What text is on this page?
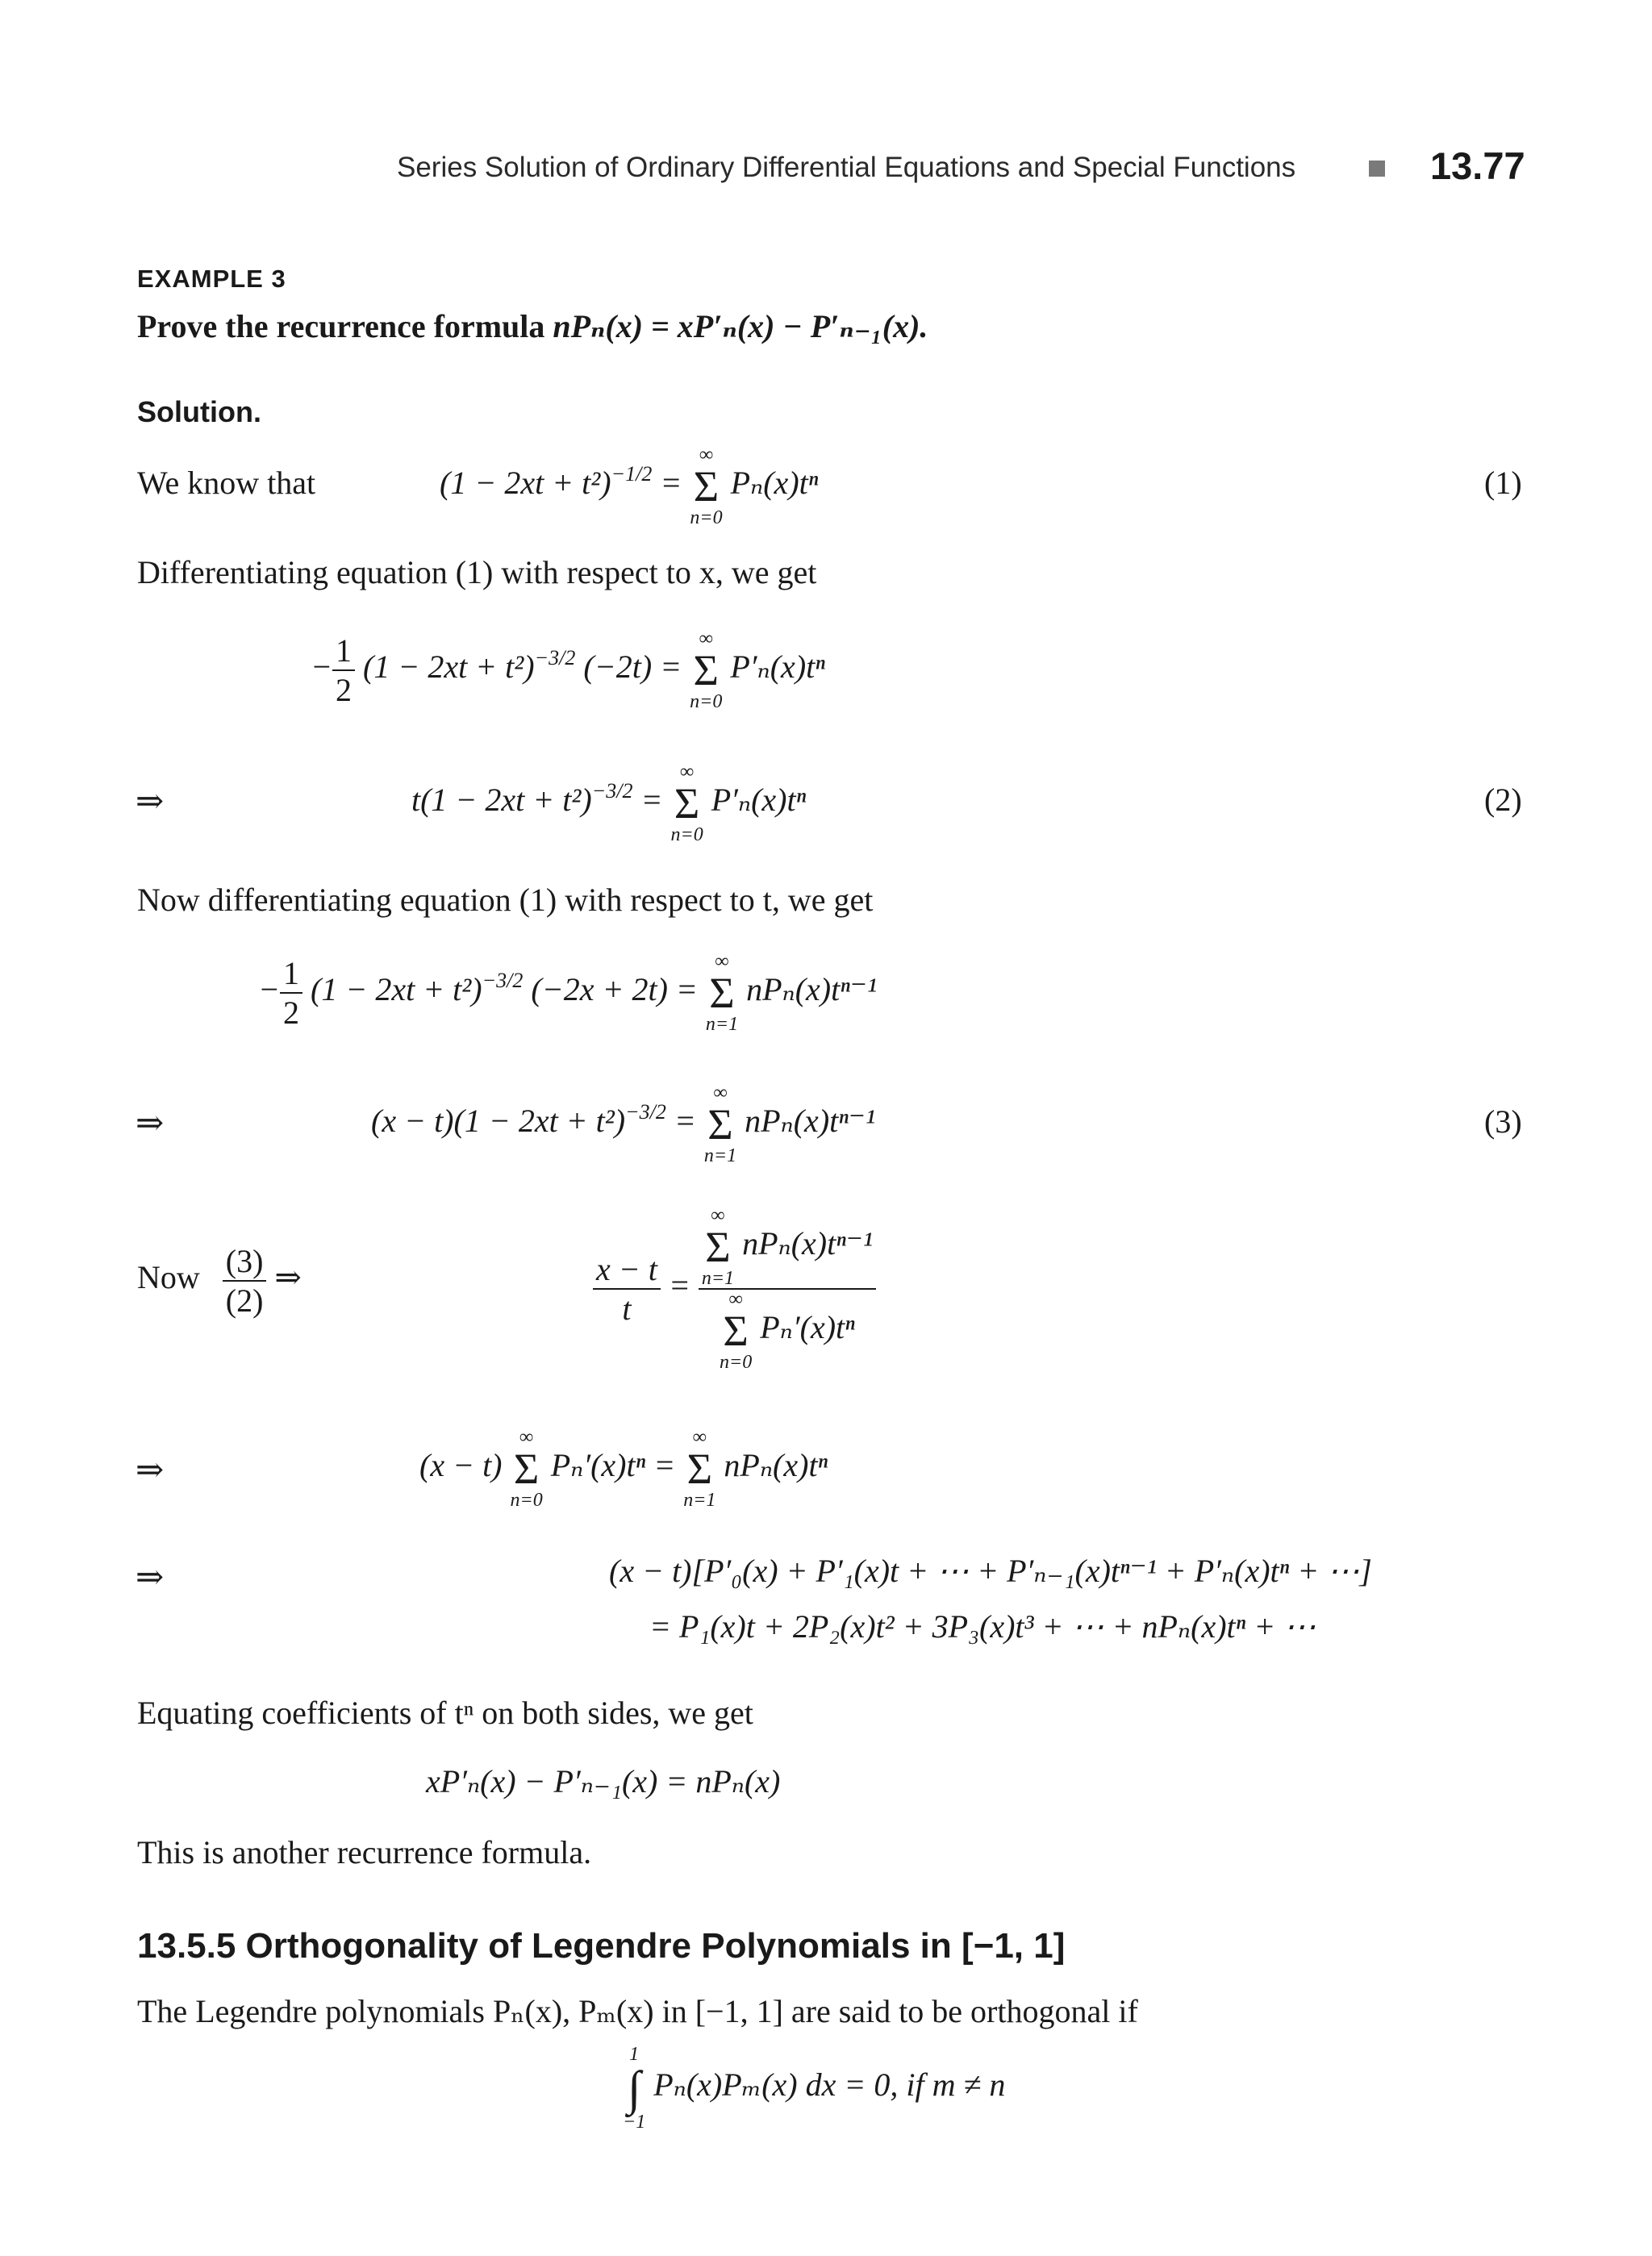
Series Solution of Ordinary Differential Equations and Special Functions	13.77
EXAMPLE 3
Prove the recurrence formula nPₙ(x) = xP′ₙ(x) − P′ₙ₋₁(x).
Solution.
We know that	$(1 - 2xt + t^2)^{-1/2}$ =
∞
Σ
n=0
Pₙ(x)tⁿ	(1)
Differentiating equation (1) with respect to x, we get
− $\frac{1}{2} (1 - 2xt + t^2)^{-3/2}$ (−2t) =
∞
Σ
n=0
P′ₙ(x)tⁿ
⇒	$t(1 - 2xt + t^2)^{-3/2}$ =
∞
Σ
n=0
P′ₙ(x)tⁿ	(2)
Now differentiating equation (1) with respect to t, we get
− $\frac{1}{2} (1 - 2xt + t^2)^{-3/2}$ (−2x + 2t) =
∞
Σ
n=1
nPₙ(x)tⁿ⁻¹
⇒	$(x - t)(1 - 2xt + t^2)^{-3/2}$ =
∞
Σ
n=1
nPₙ(x)tⁿ⁻¹	(3)
Now $\frac{(3)}{(2)}$ ⇒	$\frac{x - t}{t}$ = ∞
Σ
n=1
nPₙ(x)tⁿ⁻¹
∞
Σ
n=0
Pₙ′(x)tⁿ
⇒	(x − t)
∞
Σ
n=0
Pₙ′(x)tⁿ =
∞
Σ
n=1
nPₙ(x)tⁿ
⇒	(x − t)[P′₀(x) + P′₁(x)t + ⋯ + P′ₙ₋₁(x)tⁿ⁻¹ + P′ₙ(x)tⁿ + ⋯]
= P₁(x)t + 2P₂(x)t² + 3P₃(x)t³ + ⋯ + nPₙ(x)tⁿ + ⋯
Equating coefficients of tⁿ on both sides, we get
xP′ₙ(x) − P′ₙ₋₁(x) = nPₙ(x)
This is another recurrence formula.
13.5.5 Orthogonality of Legendre Polynomials in [−1, 1]
The Legendre polynomials Pₙ(x), Pₘ(x) in [−1, 1] are said to be orthogonal if
1
∫
−1
Pₙ(x)Pₘ(x) dx = 0, if m ≠ n
